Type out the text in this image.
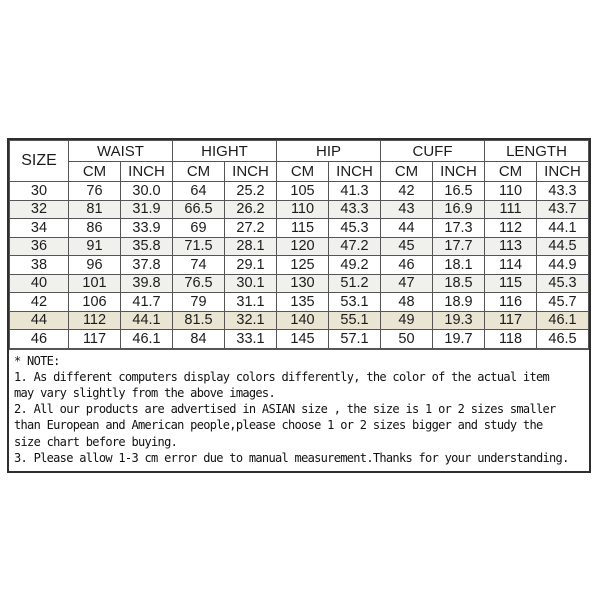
SIZE	WAIST		HIGHT		HIP		CUFF		LENGTH	
	CM	INCH	CM	INCH	CM	INCH	CM	INCH	CM	INCH
30	76	30.0	64	25.2	105	41.3	42	16.5	110	43.3
32	81	31.9	66.5	26.2	110	43.3	43	16.9	111	43.7
34	86	33.9	69	27.2	115	45.3	44	17.3	112	44.1
36	91	35.8	71.5	28.1	120	47.2	45	17.7	113	44.5
38	96	37.8	74	29.1	125	49.2	46	18.1	114	44.9
40	101	39.8	76.5	30.1	130	51.2	47	18.5	115	45.3
42	106	41.7	79	31.1	135	53.1	48	18.9	116	45.7
44	112	44.1	81.5	32.1	140	55.1	49	19.3	117	46.1
46	117	46.1	84	33.1	145	57.1	50	19.7	118	46.5
* NOTE:
1. As different computers display colors differently, the color of the actual item may vary slightly from the above images.
2. All our products are advertised in ASIAN size , the size is 1 or 2 sizes smaller than European and American people,please choose 1 or 2 sizes bigger and study the size chart before buying.
3. Please allow 1-3 cm error due to manual measurement.Thanks for your understanding.
